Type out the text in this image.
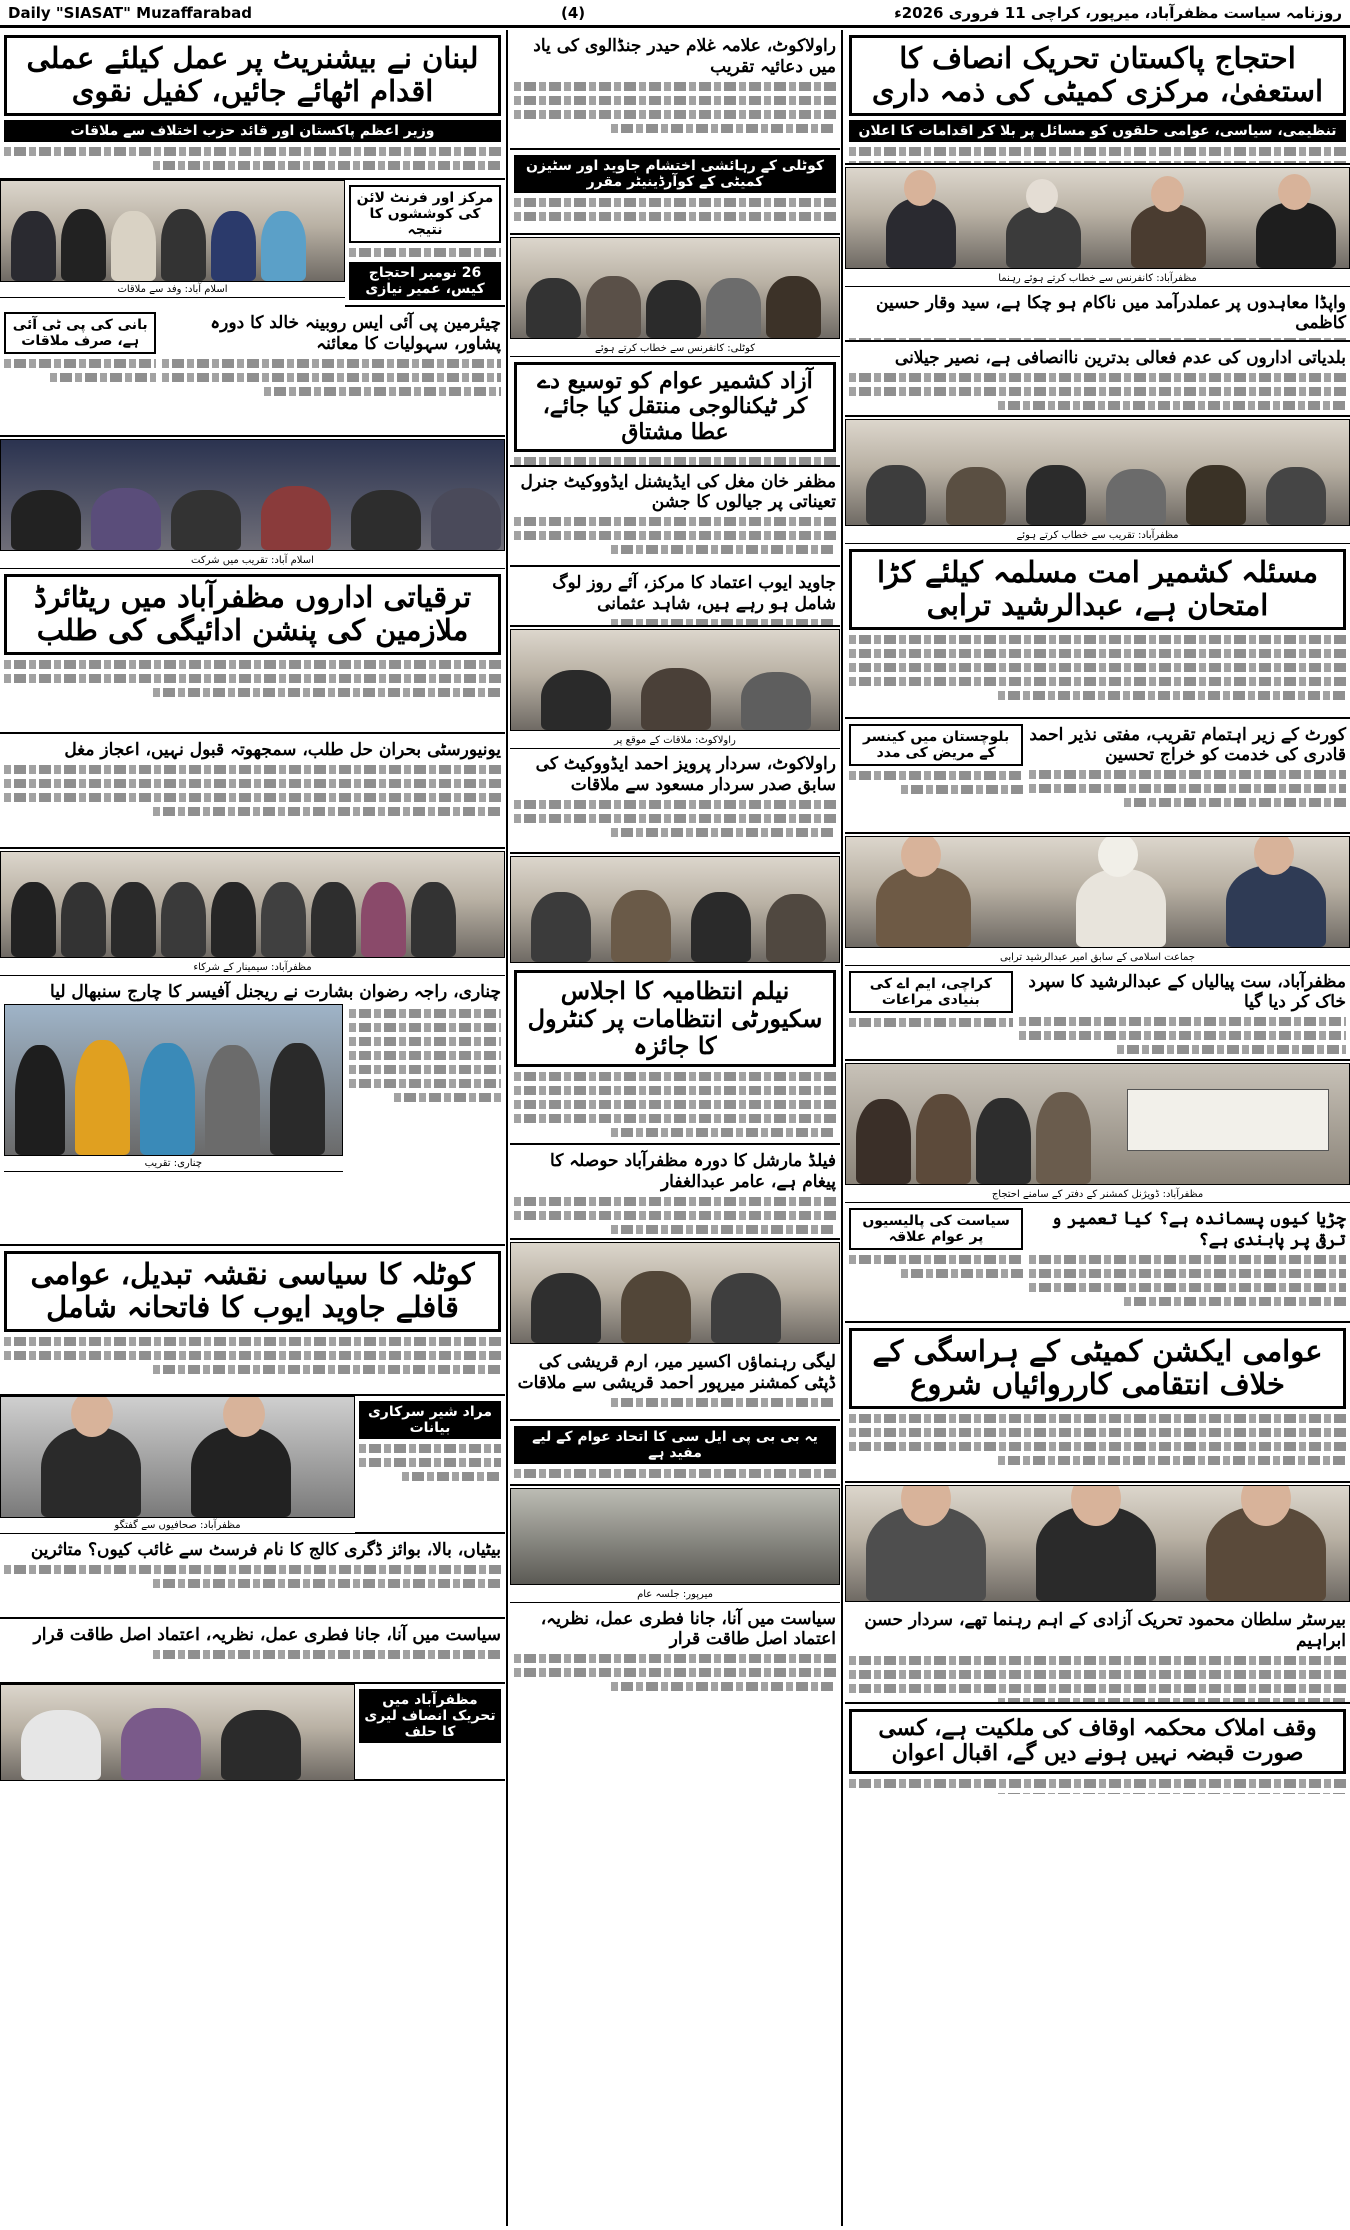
Daily "SIASAT" Muzaffarabad	(4)	روزنامہ سیاست مظفرآباد، میرپور، کراچی 11 فروری 2026ء
احتجاج پاکستان تحریک انصاف کا استعفیٰ، مرکزی کمیٹی کی ذمہ داری
تنظیمی، سیاسی، عوامی حلقوں کو مسائل پر بلا کر اقدامات کا اعلان
مظفرآباد: کانفرنس سے خطاب کرتے ہوئے رہنما
واپڈا معاہدوں پر عملدرآمد میں ناکام ہو چکا ہے، سید وقار حسین کاظمی
بلدیاتی اداروں کی عدم فعالی بدترین ناانصافی ہے، نصیر جیلانی
مظفرآباد: تقریب سے خطاب کرتے ہوئے
مسئلہ کشمیر امت مسلمہ کیلئے کڑا امتحان ہے، عبدالرشید ترابی
کورٹ کے زیر اہتمام تقریب، مفتی نذیر احمد قادری کی خدمت کو خراج تحسین
بلوچستان میں کینسر کے مریض کی مدد
جماعت اسلامی کے سابق امیر عبدالرشید ترابی
مظفرآباد، ست پیالیاں کے عبدالرشید کا سپرد خاک کر دیا گیا
کراچی، ایم اے کی بنیادی مراعات
مظفرآباد: ڈویژنل کمشنر کے دفتر کے سامنے احتجاج
چڑیا کیوں پسماندہ ہے؟ کیا تعمیر و ترقی پر پابندی ہے؟
سیاست کی پالیسیوں پر عوام علاقہ
عوامی ایکشن کمیٹی کے ہراسگی کے خلاف انتقامی کارروائیاں شروع
بیرسٹر سلطان محمود تحریک آزادی کے اہم رہنما تھے، سردار حسن ابراہیم
وقف املاک محکمہ اوقاف کی ملکیت ہے، کسی صورت قبضہ نہیں ہونے دیں گے، اقبال اعوان
راولاکوٹ، علامہ غلام حیدر جنڈالوی کی یاد میں دعائیہ تقریب
کوٹلی کے رہائشی اختشام جاوید اور سٹیزن کمیٹی کے کوآرڈینیٹر مقرر
کوٹلی: کانفرنس سے خطاب کرتے ہوئے
آزاد کشمیر عوام کو توسیع دے کر ٹیکنالوجی منتقل کیا جائے، عطا مشتاق
مظفر خان مغل کی ایڈیشنل ایڈووکیٹ جنرل تعیناتی پر جیالوں کا جشن
جاوید ایوب اعتماد کا مرکز، آئے روز لوگ شامل ہو رہے ہیں، شاہد عثمانی
راولاکوٹ: ملاقات کے موقع پر
راولاکوٹ، سردار پرویز احمد ایڈووکیٹ کی سابق صدر سردار مسعود سے ملاقات
نیلم انتظامیہ کا اجلاس سکیورٹی انتظامات پر کنٹرول کا جائزہ
فیلڈ مارشل کا دورہ مظفرآباد حوصلہ کا پیغام ہے، عامر عبدالغفار
لیگی رہنماؤں اکسیر میر، ارم قریشی کی ڈپٹی کمشنر میرپور احمد قریشی سے ملاقات
یہ بی بی پی ایل سی کا اتحاد عوام کے لیے مفید ہے
میرپور: جلسہ عام
سیاست میں آنا، جانا فطری عمل، نظریہ، اعتماد اصل طاقت قرار
لبنان نے بیشنریٹ پر عمل کیلئے عملی اقدام اٹھائے جائیں، کفیل نقوی
وزیر اعظم پاکستان اور قائد حزب اختلاف سے ملاقات
اسلام آباد: وفد سے ملاقات
مرکز اور فرنٹ لائن کی کوششوں کا نتیجہ
26 نومبر احتجاج کیس، عمیر نیازی
چیئرمین پی آئی ایس روبینہ خالد کا دورہ پشاور، سہولیات کا معائنہ
بانی کی پی ٹی آئی ہے، صرف ملاقات
اسلام آباد: تقریب میں شرکت
ترقیاتی اداروں مظفرآباد میں ریٹائرڈ ملازمین کی پنشن ادائیگی کی طلب
یونیورسٹی بحران حل طلب، سمجھوتہ قبول نہیں، اعجاز مغل
مظفرآباد: سیمینار کے شرکاء
چناری، راجہ رضوان بشارت نے ریجنل آفیسر کا چارج سنبھال لیا
چناری: تقریب
کوٹلہ کا سیاسی نقشہ تبدیل، عوامی قافلے جاوید ایوب کا فاتحانہ شامل
مظفرآباد: صحافیوں سے گفتگو
مراد شیر سرکاری بیانات
بیٹیاں، بالا، بوائز ڈگری کالج کا نام فرسٹ سے غائب کیوں؟ متاثرین
سیاست میں آنا، جانا فطری عمل، نظریہ، اعتماد اصل طاقت قرار
مظفرآباد میں تحریک انصاف لیری کا حلف
